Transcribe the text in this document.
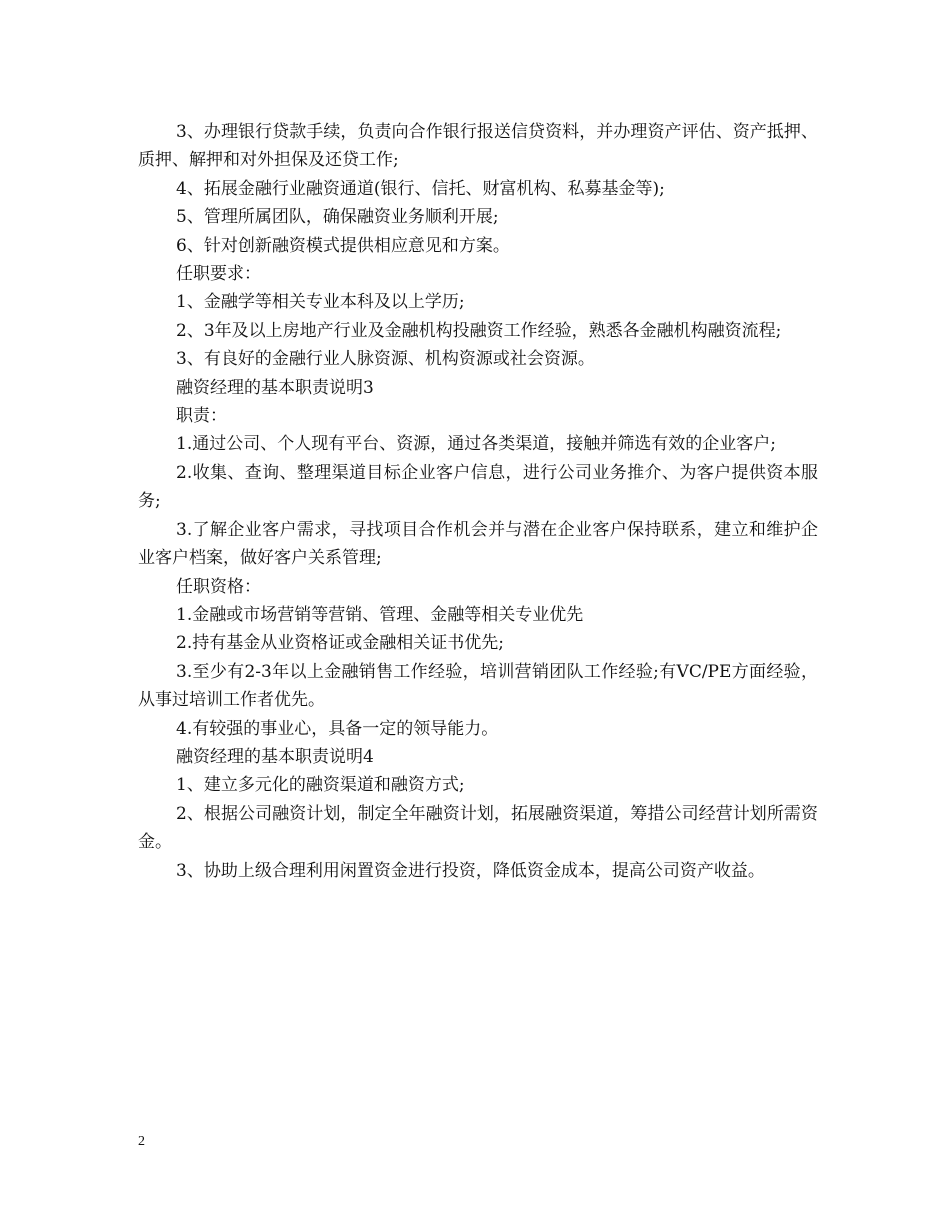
3、办理银行贷款手续，负责向合作银行报送信贷资料，并办理资产评估、资产抵押、质押、解押和对外担保及还贷工作;

4、拓展金融行业融资通道(银行、信托、财富机构、私募基金等);

5、管理所属团队，确保融资业务顺利开展;

6、针对创新融资模式提供相应意见和方案。

任职要求：

1、金融学等相关专业本科及以上学历;

2、3年及以上房地产行业及金融机构投融资工作经验，熟悉各金融机构融资流程;

3、有良好的金融行业人脉资源、机构资源或社会资源。

融资经理的基本职责说明3

职责：

1.通过公司、个人现有平台、资源，通过各类渠道，接触并筛选有效的企业客户;

2.收集、查询、整理渠道目标企业客户信息，进行公司业务推介、为客户提供资本服务;

3.了解企业客户需求，寻找项目合作机会并与潜在企业客户保持联系，建立和维护企业客户档案，做好客户关系管理;

任职资格：

1.金融或市场营销等营销、管理、金融等相关专业优先

2.持有基金从业资格证或金融相关证书优先;

3.至少有2-3年以上金融销售工作经验，培训营销团队工作经验;有VC/PE方面经验，从事过培训工作者优先。

4.有较强的事业心，具备一定的领导能力。

融资经理的基本职责说明4

1、建立多元化的融资渠道和融资方式;

2、根据公司融资计划，制定全年融资计划，拓展融资渠道，筹措公司经营计划所需资金。

3、协助上级合理利用闲置资金进行投资，降低资金成本，提高公司资产收益。

2
